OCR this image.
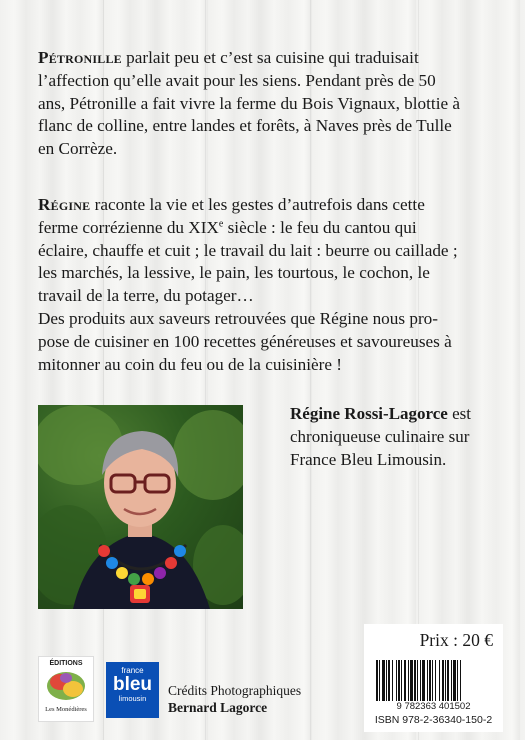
Pétronille parlait peu et c’est sa cuisine qui traduisait
l’affection qu’elle avait pour les siens. Pendant près de 50
ans, Pétronille a fait vivre la ferme du Bois Vignaux, blottie à
flanc de colline, entre landes et forêts, à Naves près de Tulle
en Corrèze.

Régine raconte la vie et les gestes d’autrefois dans cette
ferme corrézienne du XIXe siècle : le feu du cantou qui
éclaire, chauffe et cuit ; le travail du lait : beurre ou caillade ;
les marchés, la lessive, le pain, les tourtous, le cochon, le
travail de la terre, du potager…
Des produits aux saveurs retrouvées que Régine nous pro-
pose de cuisiner en 100 recettes généreuses et savoureuses à
mitonner au coin du feu ou de la cuisinière !

Régine Rossi-Lagorce est
chroniqueuse culinaire sur
France Bleu Limousin.
ÉDITIONS
Les Monédières
france
bleu
limousin
Crédits Photographiques
Bernard Lagorce
Prix : 20 €
9 782363 401502
ISBN 978-2-36340-150-2
